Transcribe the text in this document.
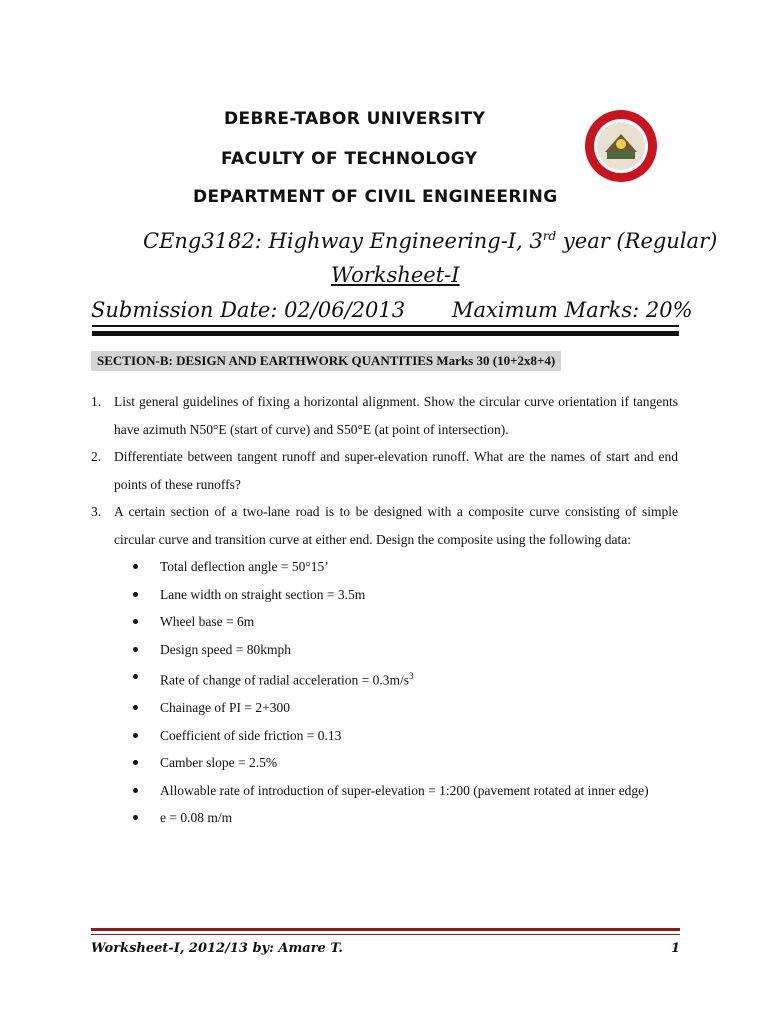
DEBRE-TABOR UNIVERSITY
FACULTY OF TECHNOLOGY
DEPARTMENT OF CIVIL ENGINEERING
CEng3182: Highway Engineering-I, 3rd year (Regular)
Worksheet-I
Submission Date: 02/06/2013 Maximum Marks: 20%
SECTION-B: DESIGN AND EARTHWORK QUANTITIES Marks 30 (10+2x8+4)
1. List general guidelines of fixing a horizontal alignment. Show the circular curve orientation if tangents have azimuth N50°E (start of curve) and S50°E (at point of intersection).
2. Differentiate between tangent runoff and super-elevation runoff. What are the names of start and end points of these runoffs?
3. A certain section of a two-lane road is to be designed with a composite curve consisting of simple circular curve and transition curve at either end. Design the composite using the following data:
Total deflection angle = 50°15’
Lane width on straight section = 3.5m
Wheel base = 6m
Design speed = 80kmph
Rate of change of radial acceleration = $0.3m/s^3$
Chainage of PI = 2+300
Coefficient of side friction = 0.13
Camber slope = 2.5%
Allowable rate of introduction of super-elevation = 1:200 (pavement rotated at inner edge)
e = 0.08 m/m
Worksheet-I, 2012/13 by: Amare T.	1
